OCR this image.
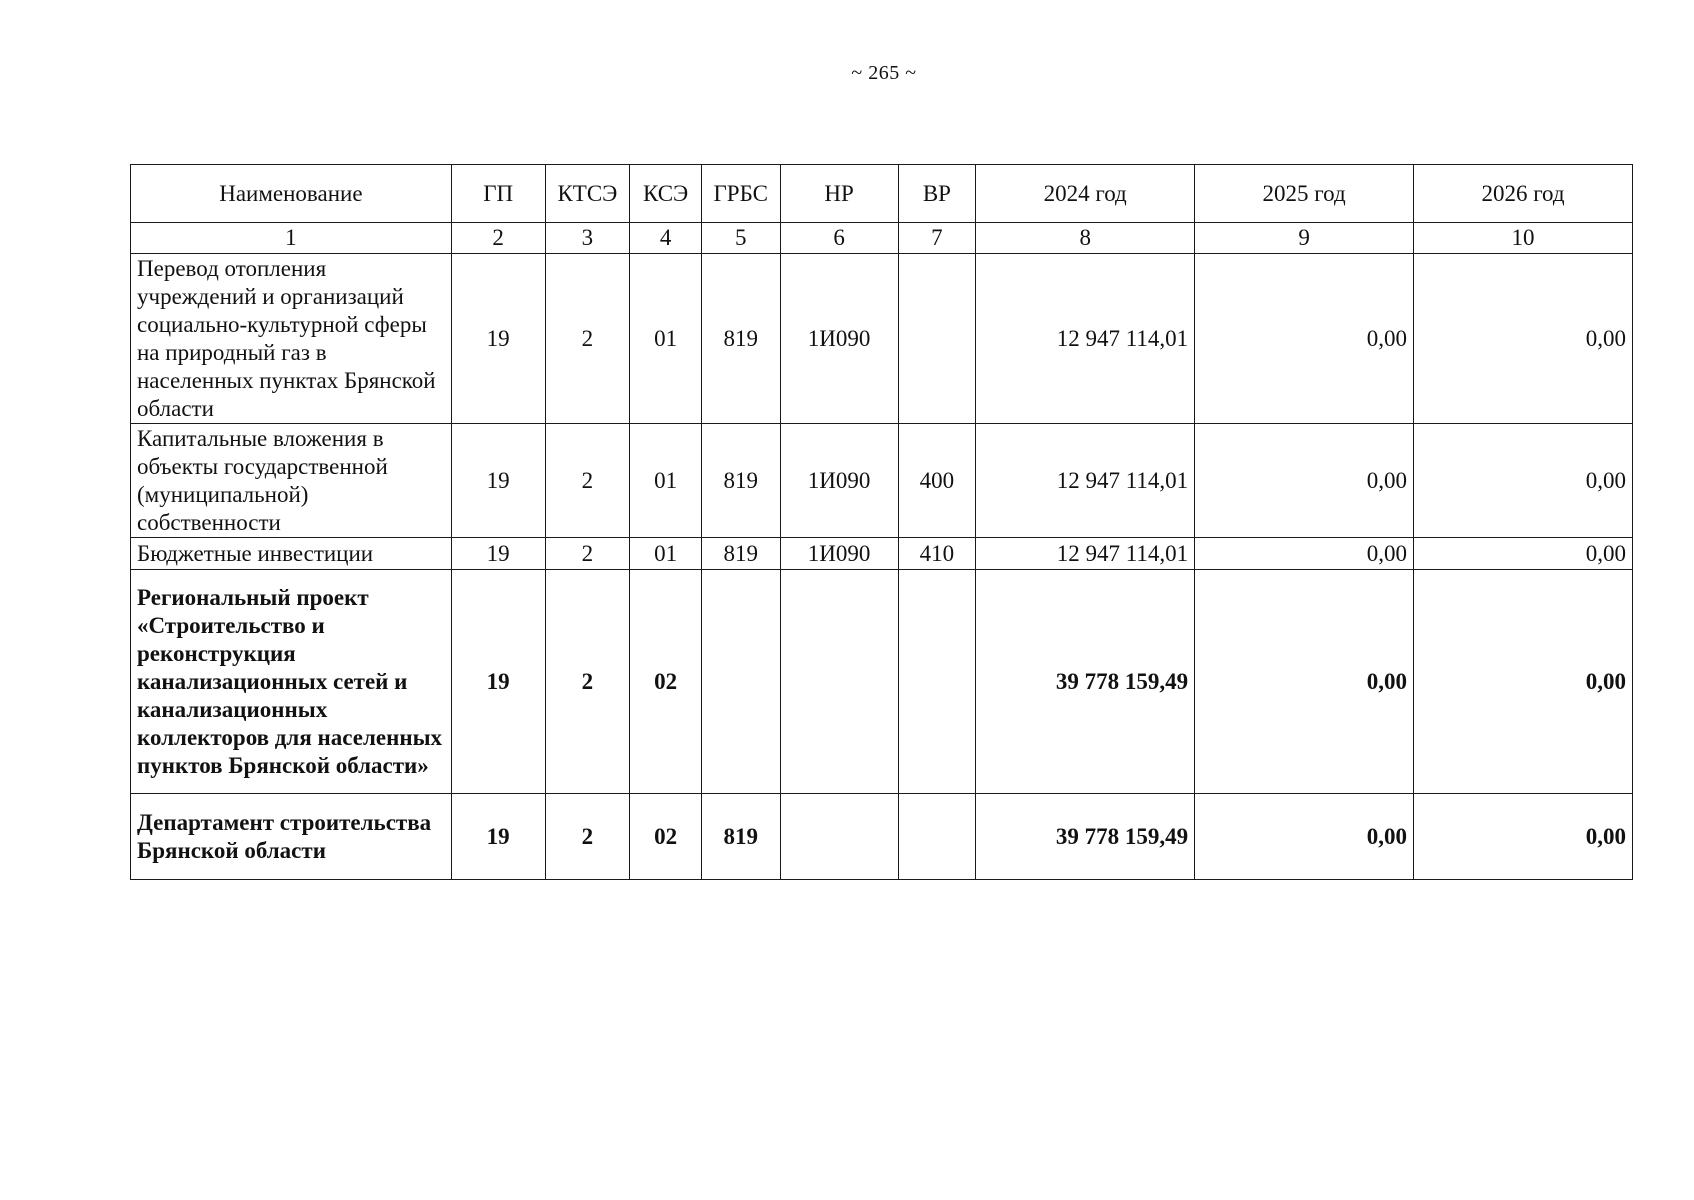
~ 265 ~
Наименование	ГП	КТСЭ	КСЭ	ГРБС	НР	ВР	2024 год	2025 год	2026 год
1	2	3	4	5	6	7	8	9	10
Перевод отопления учреждений и организаций социально-культурной сферы на природный газ в населенных пунктах Брянской области	19	2	01	819	1И090		12 947 114,01	0,00	0,00
Капитальные вложения в объекты государственной (муниципальной) собственности	19	2	01	819	1И090	400	12 947 114,01	0,00	0,00
Бюджетные инвестиции	19	2	01	819	1И090	410	12 947 114,01	0,00	0,00
Региональный проект «Строительство и реконструкция канализационных сетей и канализационных коллекторов для населенных пунктов Брянской области»	19	2	02				39 778 159,49	0,00	0,00
Департамент строительства Брянской области	19	2	02	819			39 778 159,49	0,00	0,00
